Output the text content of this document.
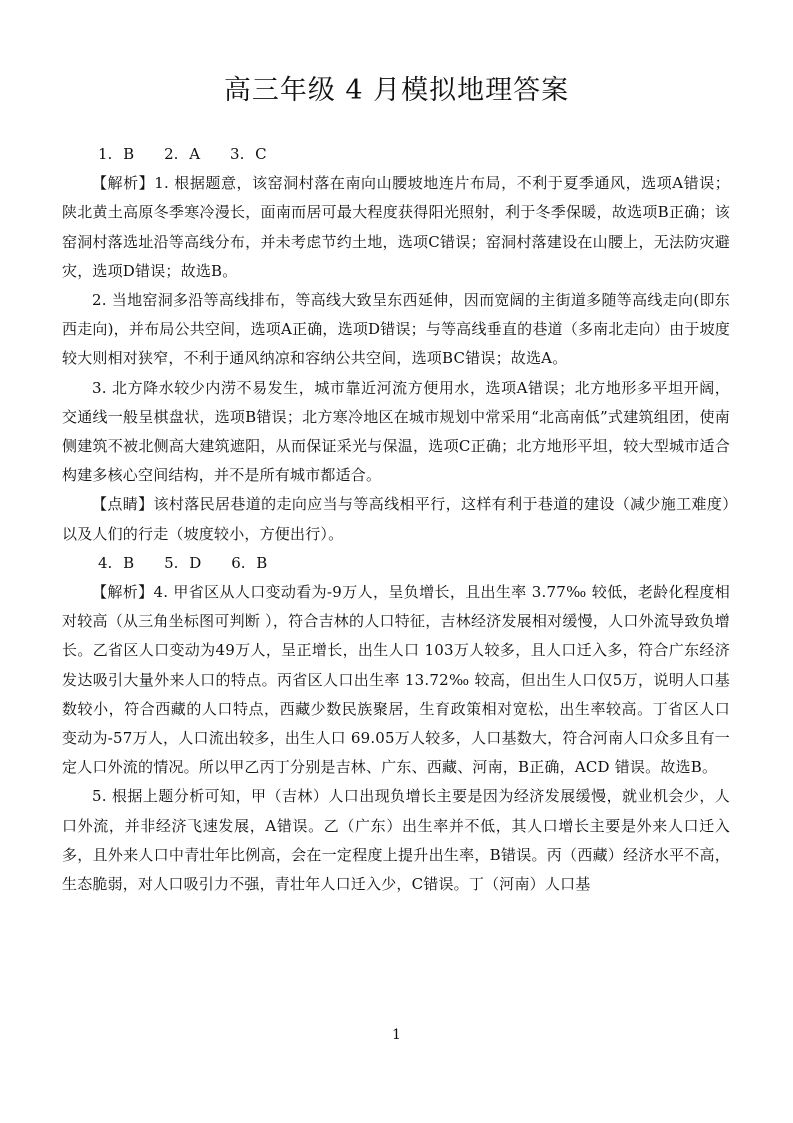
高三年级 4 月模拟地理答案
1. B 2. A 3. C

【解析】1. 根据题意，该窑洞村落在南向山腰坡地连片布局，不利于夏季通风，选项A错误；陕北黄土高原冬季寒冷漫长，面南而居可最大程度获得阳光照射，利于冬季保暖，故选项B正确；该窑洞村落选址沿等高线分布，并未考虑节约土地，选项C错误；窑洞村落建设在山腰上，无法防灾避灾，选项D错误；故选B。

2. 当地窑洞多沿等高线排布，等高线大致呈东西延伸，因而宽阔的主街道多随等高线走向(即东西走向)，并布局公共空间，选项A正确，选项D错误；与等高线垂直的巷道（多南北走向）由于坡度较大则相对狭窄，不利于通风纳凉和容纳公共空间，选项BC错误；故选A。

3. 北方降水较少内涝不易发生，城市靠近河流方便用水，选项A错误；北方地形多平坦开阔，交通线一般呈棋盘状，选项B错误；北方寒冷地区在城市规划中常采用“北高南低”式建筑组团，使南侧建筑不被北侧高大建筑遮阳，从而保证采光与保温，选项C正确；北方地形平坦，较大型城市适合构建多核心空间结构，并不是所有城市都适合。

【点睛】该村落民居巷道的走向应当与等高线相平行，这样有利于巷道的建设（减少施工难度）以及人们的行走（坡度较小，方便出行）。

4. B 5. D 6. B

【解析】4. 甲省区从人口变动看为-9万人，呈负增长，且出生率 3.77‰ 较低，老龄化程度相对较高（从三角坐标图可判断 ），符合吉林的人口特征，吉林经济发展相对缓慢，人口外流导致负增长。乙省区人口变动为49万人，呈正增长，出生人口 103万人较多，且人口迁入多，符合广东经济发达吸引大量外来人口的特点。丙省区人口出生率 13.72‰ 较高，但出生人口仅5万，说明人口基数较小，符合西藏的人口特点，西藏少数民族聚居，生育政策相对宽松，出生率较高。丁省区人口变动为-57万人，人口流出较多，出生人口 69.05万人较多，人口基数大，符合河南人口众多且有一定人口外流的情况。所以甲乙丙丁分别是吉林、广东、西藏、河南，B正确，ACD 错误。故选B。

5. 根据上题分析可知，甲（吉林）人口出现负增长主要是因为经济发展缓慢，就业机会少，人口外流，并非经济飞速发展，A错误。乙（广东）出生率并不低，其人口增长主要是外来人口迁入多，且外来人口中青壮年比例高，会在一定程度上提升出生率，B错误。丙（西藏）经济水平不高，生态脆弱，对人口吸引力不强，青壮年人口迁入少，C错误。丁（河南）人口基

1
